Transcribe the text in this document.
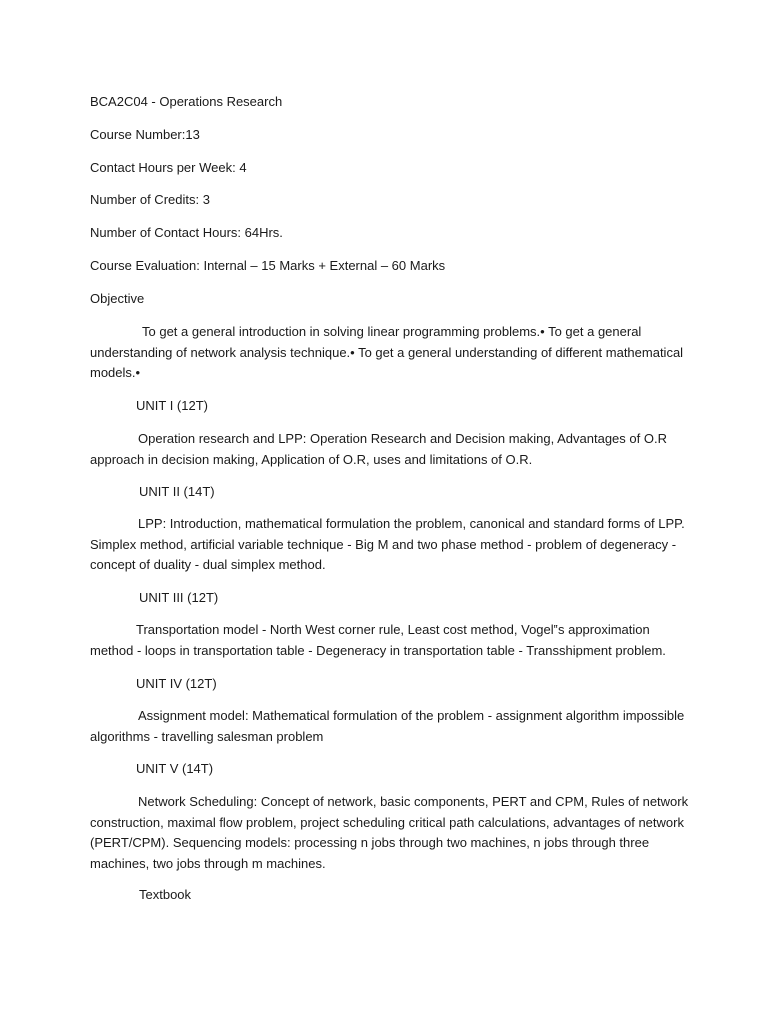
BCA2C04 - Operations Research
Course Number:13
Contact Hours per Week: 4
Number of Credits: 3
Number of Contact Hours: 64Hrs.
Course Evaluation: Internal – 15 Marks + External – 60 Marks
Objective
To get a general introduction in solving linear programming problems.• To get a general understanding of network analysis technique.• To get a general understanding of different mathematical models.•
UNIT I (12T)
Operation research and LPP: Operation Research and Decision making, Advantages of O.R approach in decision making, Application of O.R, uses and limitations of O.R.
UNIT II (14T)
LPP: Introduction, mathematical formulation the problem, canonical and standard forms of LPP. Simplex method, artificial variable technique - Big M and two phase method - problem of degeneracy - concept of duality - dual simplex method.
UNIT III (12T)
Transportation model - North West corner rule, Least cost method, Vogel‟s approximation method - loops in transportation table - Degeneracy in transportation table - Transshipment problem.
UNIT IV (12T)
Assignment model: Mathematical formulation of the problem - assignment algorithm impossible algorithms - travelling salesman problem
UNIT V (14T)
Network Scheduling: Concept of network, basic components, PERT and CPM, Rules of network construction, maximal flow problem, project scheduling critical path calculations, advantages of network (PERT/CPM). Sequencing models: processing n jobs through two machines, n jobs through three machines, two jobs through m machines.
Textbook
